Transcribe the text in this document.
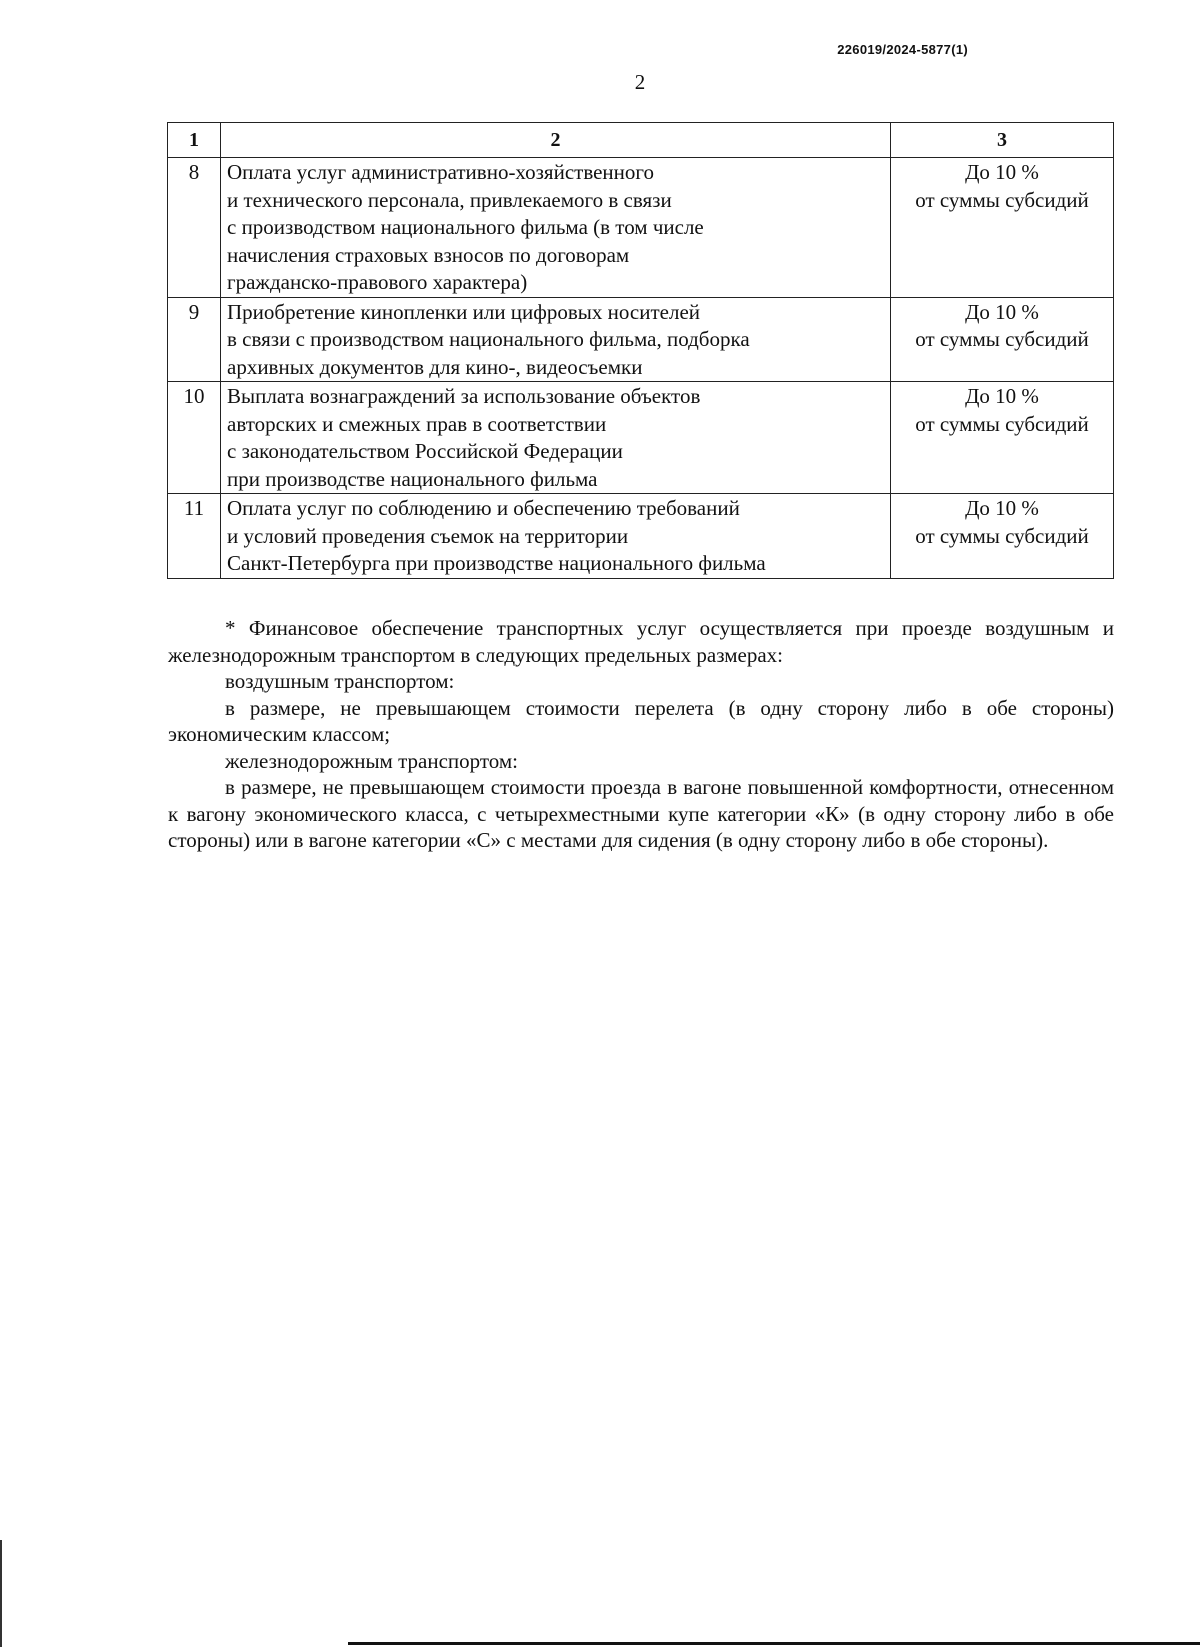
226019/2024-5877(1)
2
1	2	3
8	Оплата услуг административно-хозяйственного
и технического персонала, привлекаемого в связи
с производством национального фильма (в том числе
начисления страховых взносов по договорам
гражданско-правового характера)	До 10 %
от суммы субсидий

9	Приобретение кинопленки или цифровых носителей
в связи с производством национального фильма, подборка
архивных документов для кино-, видеосъемки	До 10 %
от суммы субсидий

10	Выплата вознаграждений за использование объектов
авторских и смежных прав в соответствии
с законодательством Российской Федерации
при производстве национального фильма	До 10 %
от суммы субсидий

11	Оплата услуг по соблюдению и обеспечению требований
и условий проведения съемок на территории
Санкт-Петербурга при производстве национального фильма	До 10 %
от суммы субсидий

* Финансовое обеспечение транспортных услуг осуществляется при проезде воздушным и железнодорожным транспортом в следующих предельных размерах:

воздушным транспортом:

в размере, не превышающем стоимости перелета (в одну сторону либо в обе стороны) экономическим классом;

железнодорожным транспортом:

в размере, не превышающем стоимости проезда в вагоне повышенной комфортности, отнесенном к вагону экономического класса, с четырехместными купе категории «К» (в одну сторону либо в обе стороны) или в вагоне категории «С» с местами для сидения (в одну сторону либо в обе стороны).
